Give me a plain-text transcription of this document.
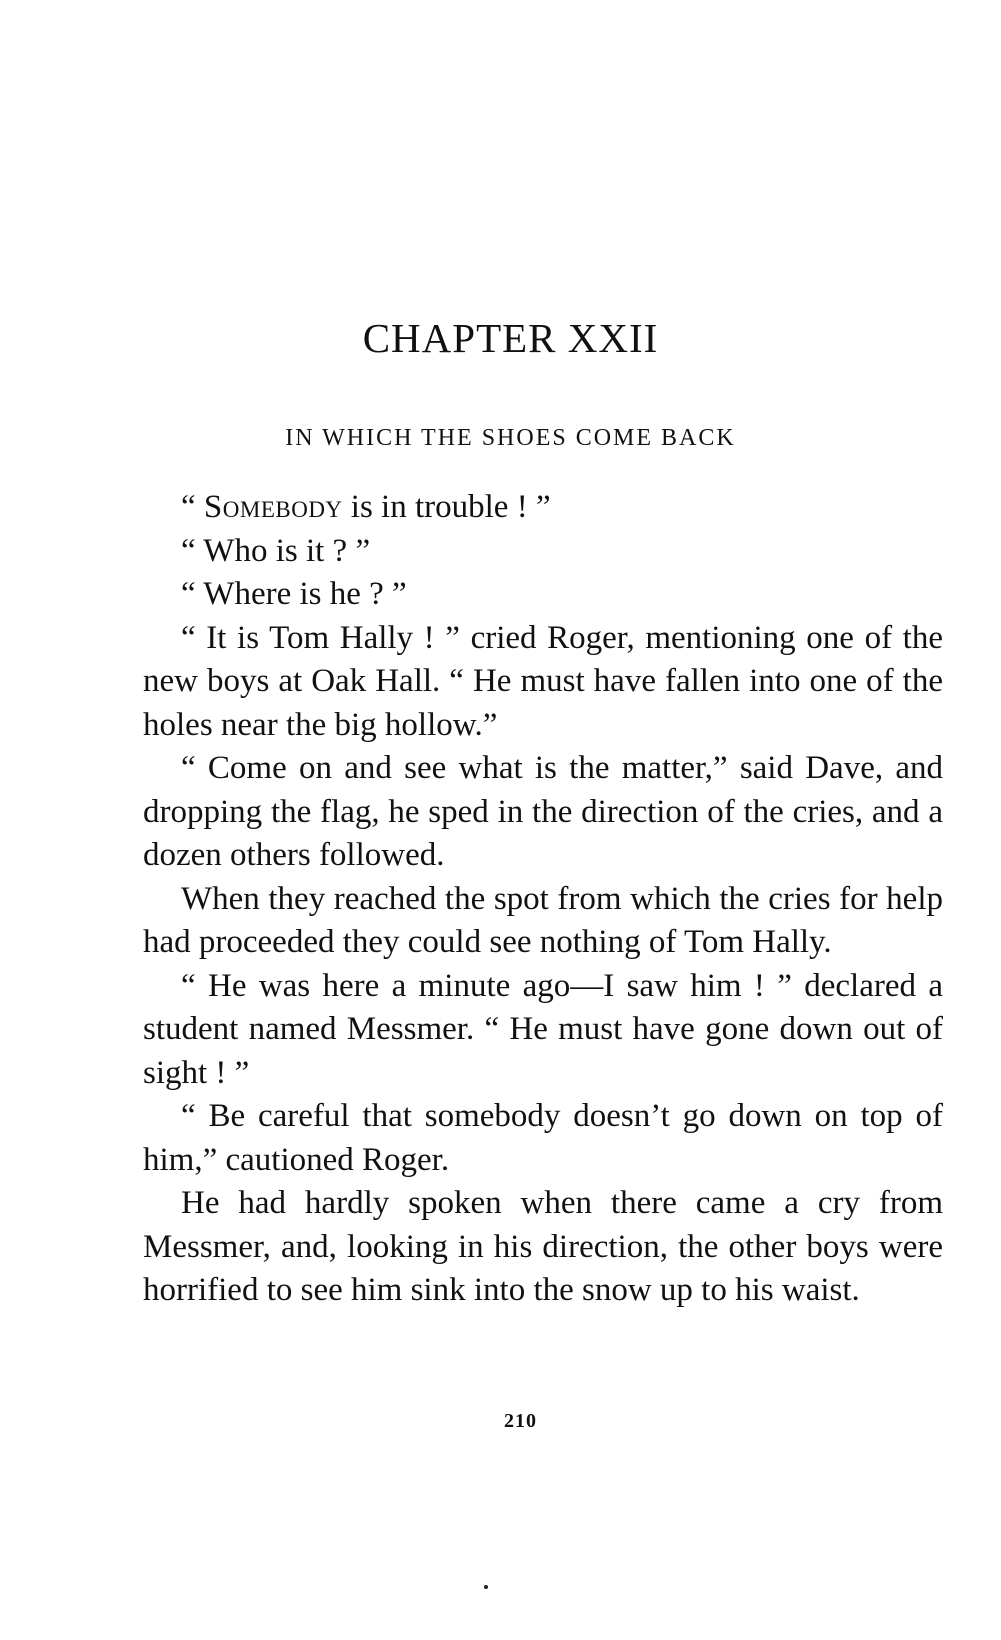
CHAPTER XXII
IN WHICH THE SHOES COME BACK

“ Somebody is in trouble ! ”

“ Who is it ? ”

“ Where is he ? ”

“ It is Tom Hally ! ” cried Roger, mentioning one of the new boys at Oak Hall. “ He must have fallen into one of the holes near the big hollow.”

“ Come on and see what is the matter,” said Dave, and dropping the flag, he sped in the direction of the cries, and a dozen others followed.

When they reached the spot from which the cries for help had proceeded they could see nothing of Tom Hally.

“ He was here a minute ago—I saw him ! ” declared a student named Messmer. “ He must have gone down out of sight ! ”

“ Be careful that somebody doesn’t go down on top of him,” cautioned Roger.

He had hardly spoken when there came a cry from Messmer, and, looking in his direction, the other boys were horrified to see him sink into the snow up to his waist.

210
